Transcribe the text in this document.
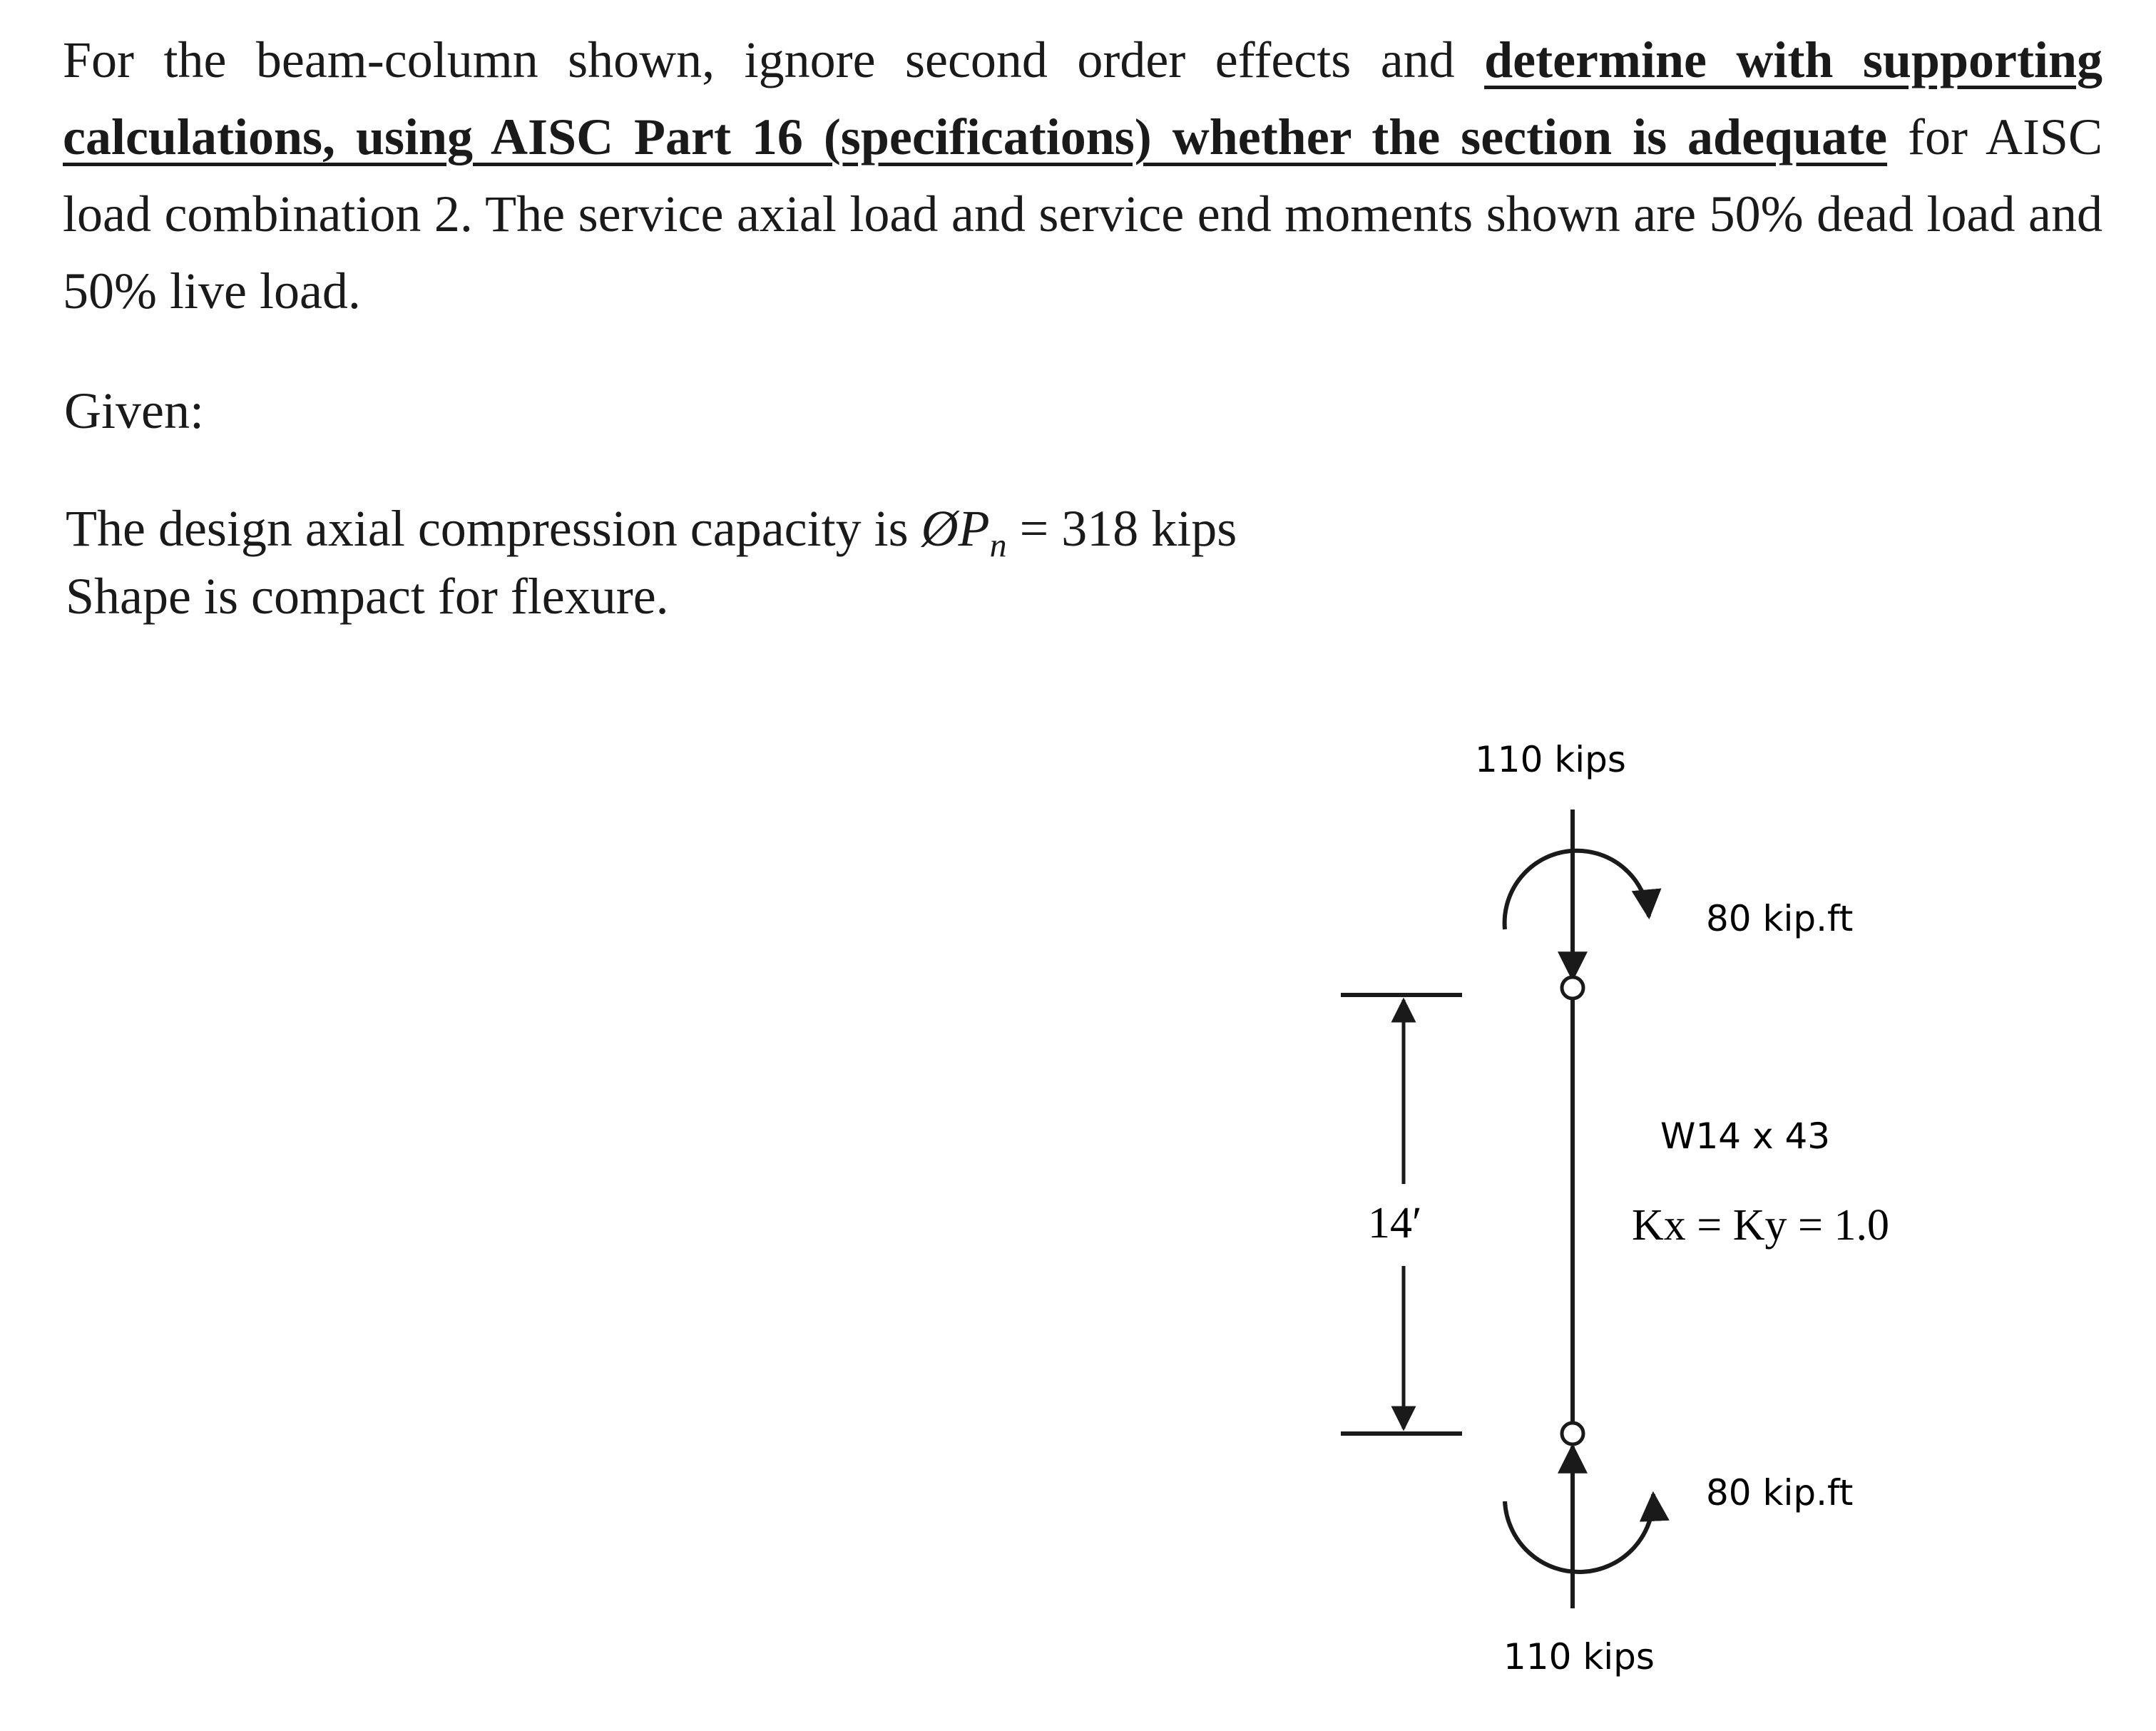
For the beam-column shown, ignore second order effects and determine with supporting calculations, using AISC Part 16 (specifications) whether the section is adequate for AISC load combination 2. The service axial load and service end moments shown are 50% dead load and 50% live load.
Given:
The design axial compression capacity is $ØP_n = 318$ kips
Shape is compact for flexure.
110 kips
80 kip.ft
W14 x 43
Kx = Ky = 1.0
14′
80 kip.ft
110 kips
